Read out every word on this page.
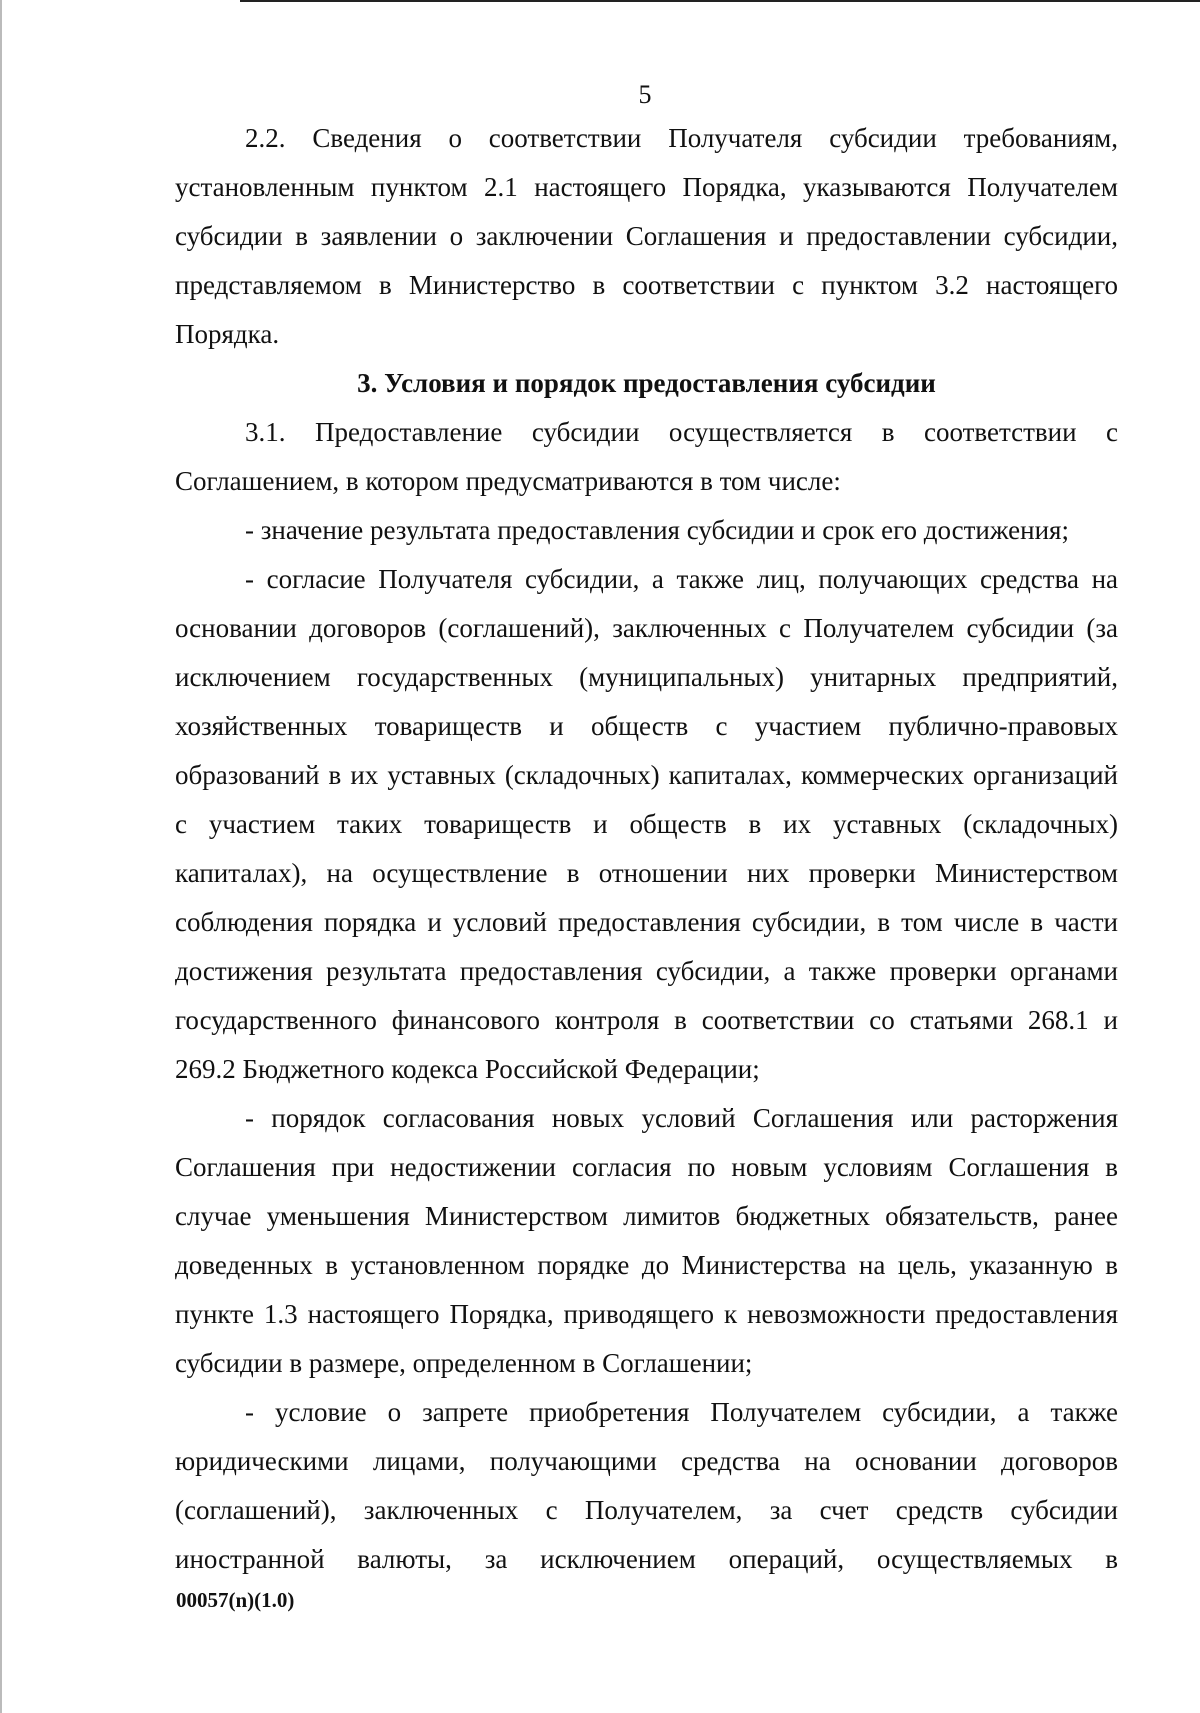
5

2.2. Сведения о соответствии Получателя субсидии требованиям, установленным пунктом 2.1 настоящего Порядка, указываются Получателем субсидии в заявлении о заключении Соглашения и предоставлении субсидии, представляемом в Министерство в соответствии с пунктом 3.2 настоящего Порядка.

3. Условия и порядок предоставления субсидии

3.1. Предоставление субсидии осуществляется в соответствии с Соглашением, в котором предусматриваются в том числе:

- значение результата предоставления субсидии и срок его достижения;

- согласие Получателя субсидии, а также лиц, получающих средства на основании договоров (соглашений), заключенных с Получателем субсидии (за исключением государственных (муниципальных) унитарных предприятий, хозяйственных товариществ и обществ с участием публично-правовых образований в их уставных (складочных) капиталах, коммерческих организаций с участием таких товариществ и обществ в их уставных (складочных) капиталах), на осуществление в отношении них проверки Министерством соблюдения порядка и условий предоставления субсидии, в том числе в части достижения результата предоставления субсидии, а также проверки органами государственного финансового контроля в соответствии со статьями 268.1 и 269.2 Бюджетного кодекса Российской Федерации;

- порядок согласования новых условий Соглашения или расторжения Соглашения при недостижении согласия по новым условиям Соглашения в случае уменьшения Министерством лимитов бюджетных обязательств, ранее доведенных в установленном порядке до Министерства на цель, указанную в пункте 1.3 настоящего Порядка, приводящего к невозможности предоставления субсидии в размере, определенном в Соглашении;

- условие о запрете приобретения Получателем субсидии, а также юридическими лицами, получающими средства на основании договоров (соглашений), заключенных с Получателем, за счет средств субсидии иностранной валюты, за исключением операций, осуществляемых в

00057(n)(1.0)
